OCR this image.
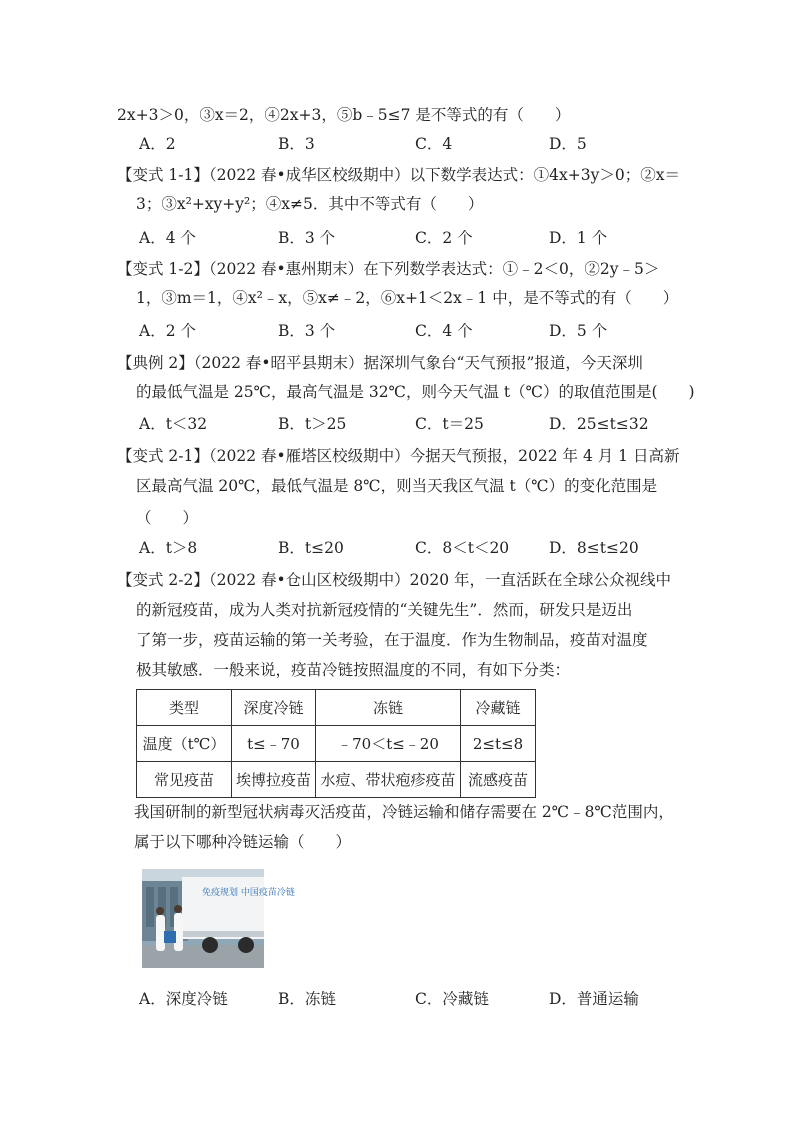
2x+3＞0，③x＝2，④2x+3，⑤b﹣5≤7 是不等式的有（　　）
A．2	B．3	C．4	D．5
【变式 1-1】（2022 春•成华区校级期中）以下数学表达式：①4x+3y＞0；②x＝
3；③x²+xy+y²；④x≠5．其中不等式有（　　）
A．4 个	B．3 个	C．2 个	D．1 个
【变式 1-2】（2022 春•惠州期末）在下列数学表达式：①﹣2＜0，②2y﹣5＞
1，③m＝1，④x²﹣x，⑤x≠﹣2，⑥x+1＜2x﹣1 中，是不等式的有（　　）
A．2 个	B．3 个	C．4 个	D．5 个
【典例 2】（2022 春•昭平县期末）据深圳气象台“天气预报”报道，今天深圳
的最低气温是 25℃，最高气温是 32℃，则今天气温 t（℃）的取值范围是(　　)
A．t＜32	B．t＞25	C．t＝25	D．25≤t≤32
【变式 2-1】（2022 春•雁塔区校级期中）今据天气预报，2022 年 4 月 1 日高新
区最高气温 20℃，最低气温是 8℃，则当天我区气温 t（℃）的变化范围是
（　　）
A．t＞8	B．t≤20	C．8＜t＜20	D．8≤t≤20
【变式 2-2】（2022 春•仓山区校级期中）2020 年，一直活跃在全球公众视线中
的新冠疫苗，成为人类对抗新冠疫情的“关键先生”．然而，研发只是迈出
了第一步，疫苗运输的第一关考验，在于温度．作为生物制品，疫苗对温度
极其敏感．一般来说，疫苗冷链按照温度的不同，有如下分类：
类型	深度冷链	冻链	冷藏链
温度（t℃）	t≤﹣70	﹣70＜t≤﹣20	2≤t≤8
常见疫苗	埃博拉疫苗	水痘、带状疱疹疫苗	流感疫苗
我国研制的新型冠状病毒灭活疫苗，冷链运输和储存需要在 2℃﹣8℃范围内，
属于以下哪种冷链运输（　　）
免疫规划 中国疫苗冷链
A．深度冷链	B．冻链	C．冷藏链	D．普通运输
